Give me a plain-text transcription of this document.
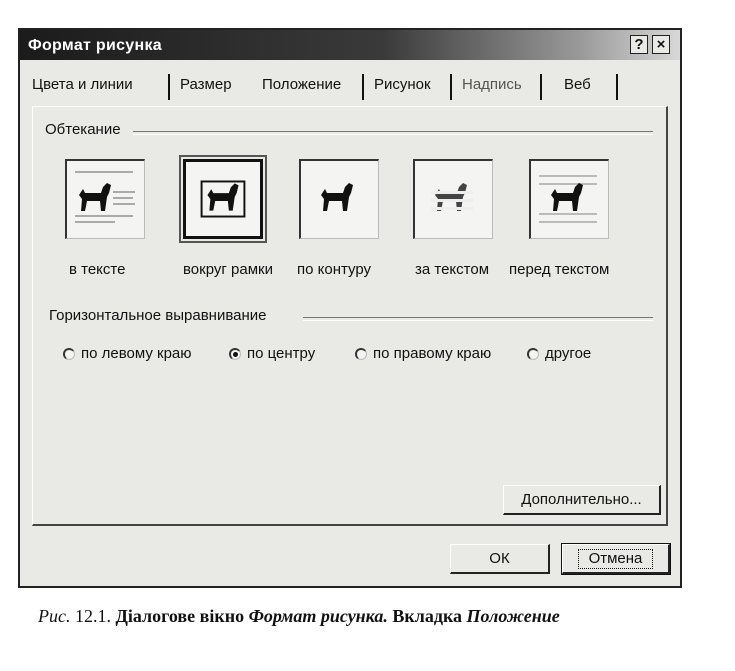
Формат рисунка	? ×
Цвета и линии	Размер Положение Рисунок Надпись	Веб
Обтекание
в тексте	вокруг рамки по контуру	за текстом перед текстом
Горизонтальное выравнивание
по левому краю	по центру	по правому краю	другое
Дополнительно...
ОК	Отмена
Рис. 12.1. Діалогове вікно Формат рисунка. Вкладка Положение
